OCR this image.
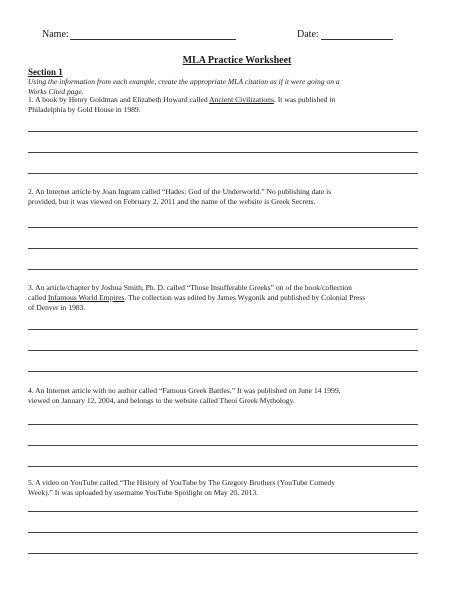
Name:	Date:
MLA Practice Worksheet
Section 1
Using the information from each example, create the appropriate MLA citation as if it were going on a
Works Cited page.
1. A book by Henry Goldman and Elizabeth Howard called Ancient Civilizations. It was published in
Philadelphia by Gold House in 1989.
2. An Internet article by Joan Ingram called “Hades: God of the Underworld.” No publishing date is
provided, but it was viewed on February 2, 2011 and the name of the website is Greek Secrets.
3. An article/chapter by Joshua Smith, Ph. D. called “Those Insufferable Greeks” on of the book/collection
called Infamous World Empires. The collection was edited by James Wygonik and published by Colonial Press
of Denver in 1983.
4. An Internet article with no author called “Famous Greek Battles.” It was published on June 14 1999,
viewed on January 12, 2004, and belongs to the website called Theoi Greek Mythology.
5. A video on YouTube called “The History of YouTube by The Gregory Brothers (YouTube Comedy
Week).” It was uploaded by username YouTube Spotlight on May 20, 2013.
